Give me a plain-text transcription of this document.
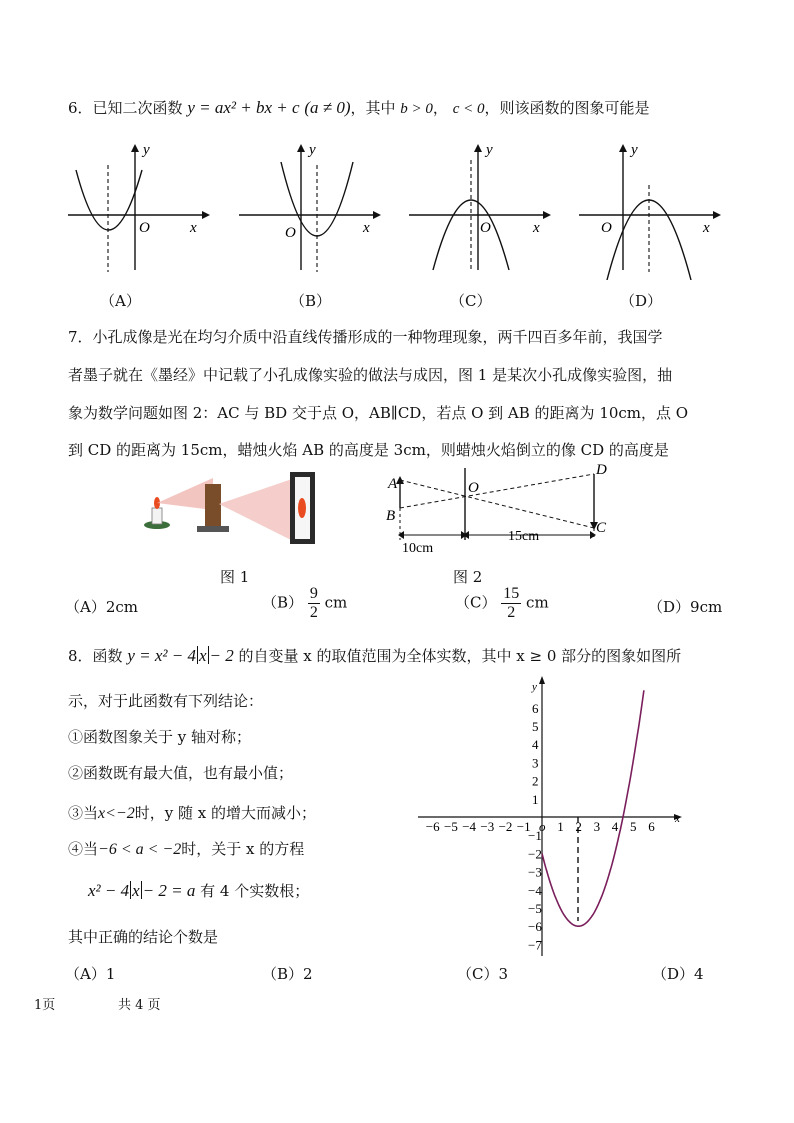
6．已知二次函数 y = ax² + bx + c (a ≠ 0)，其中 b > 0， c < 0，则该函数的图象可能是
y
x
O
y
x
O
y
x
O
y
x
O
（A）	（B）	（C）	（D）
7．小孔成像是光在均匀介质中沿直线传播形成的一种物理现象，两千四百多年前，我国学
者墨子就在《墨经》中记载了小孔成像实验的做法与成因，图 1 是某次小孔成像实验图，抽
象为数学问题如图 2：AC 与 BD 交于点 O，AB∥CD，若点 O 到 AB 的距离为 10cm，点 O
到 CD 的距离为 15cm，蜡烛火焰 AB 的高度是 3cm，则蜡烛火焰倒立的像 CD 的高度是
A
B
D
C
O
10cm
15cm
图 1	图 2
（A）2cm	$(B) \frac{9}{2}$ cm	$(C) \frac{15}{2}$ cm	（D）9cm
8．函数 y = x² − 4 x − 2 的自变量 x 的取值范围为全体实数，其中 x ≥ 0 部分的图象如图所
示，对于此函数有下列结论：
①函数图象关于 y 轴对称；
②函数既有最大值，也有最小值；
③当x<−2时，y 随 x 的增大而减小；
④当−6 < a < −2时，关于 x 的方程
x² − 4 x − 2 = a 有 4 个实数根；
其中正确的结论个数是
−6 −5 −4 −3 −2 −1 o 1 2 3 4 5 6
6
5
4
3
2
1
−1
−2
−3
−4
−5
−6
−7
y
x
（A）1	（B）2	（C）3	（D）4
1页	共 4 页
